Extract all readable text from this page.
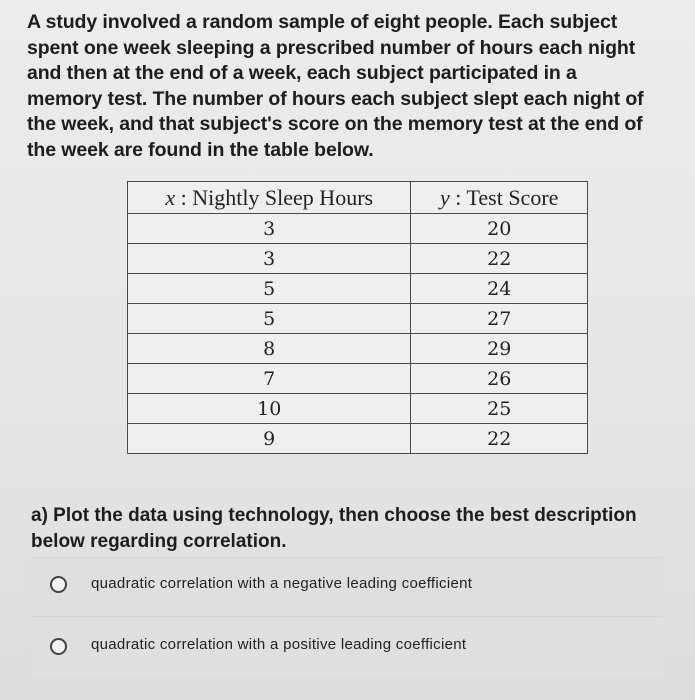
A study involved a random sample of eight people. Each subject
spent one week sleeping a prescribed number of hours each night
and then at the end of a week, each subject participated in a
memory test. The number of hours each subject slept each night of
the week, and that subject's score on the memory test at the end of
the week are found in the table below.
x : Nightly Sleep Hours	y : Test Score
3	20
3	22
5	24
5	27
8	29
7	26
10	25
9	22
a) Plot the data using technology, then choose the best description
below regarding correlation.
quadratic correlation with a negative leading coefficient
quadratic correlation with a positive leading coefficient
